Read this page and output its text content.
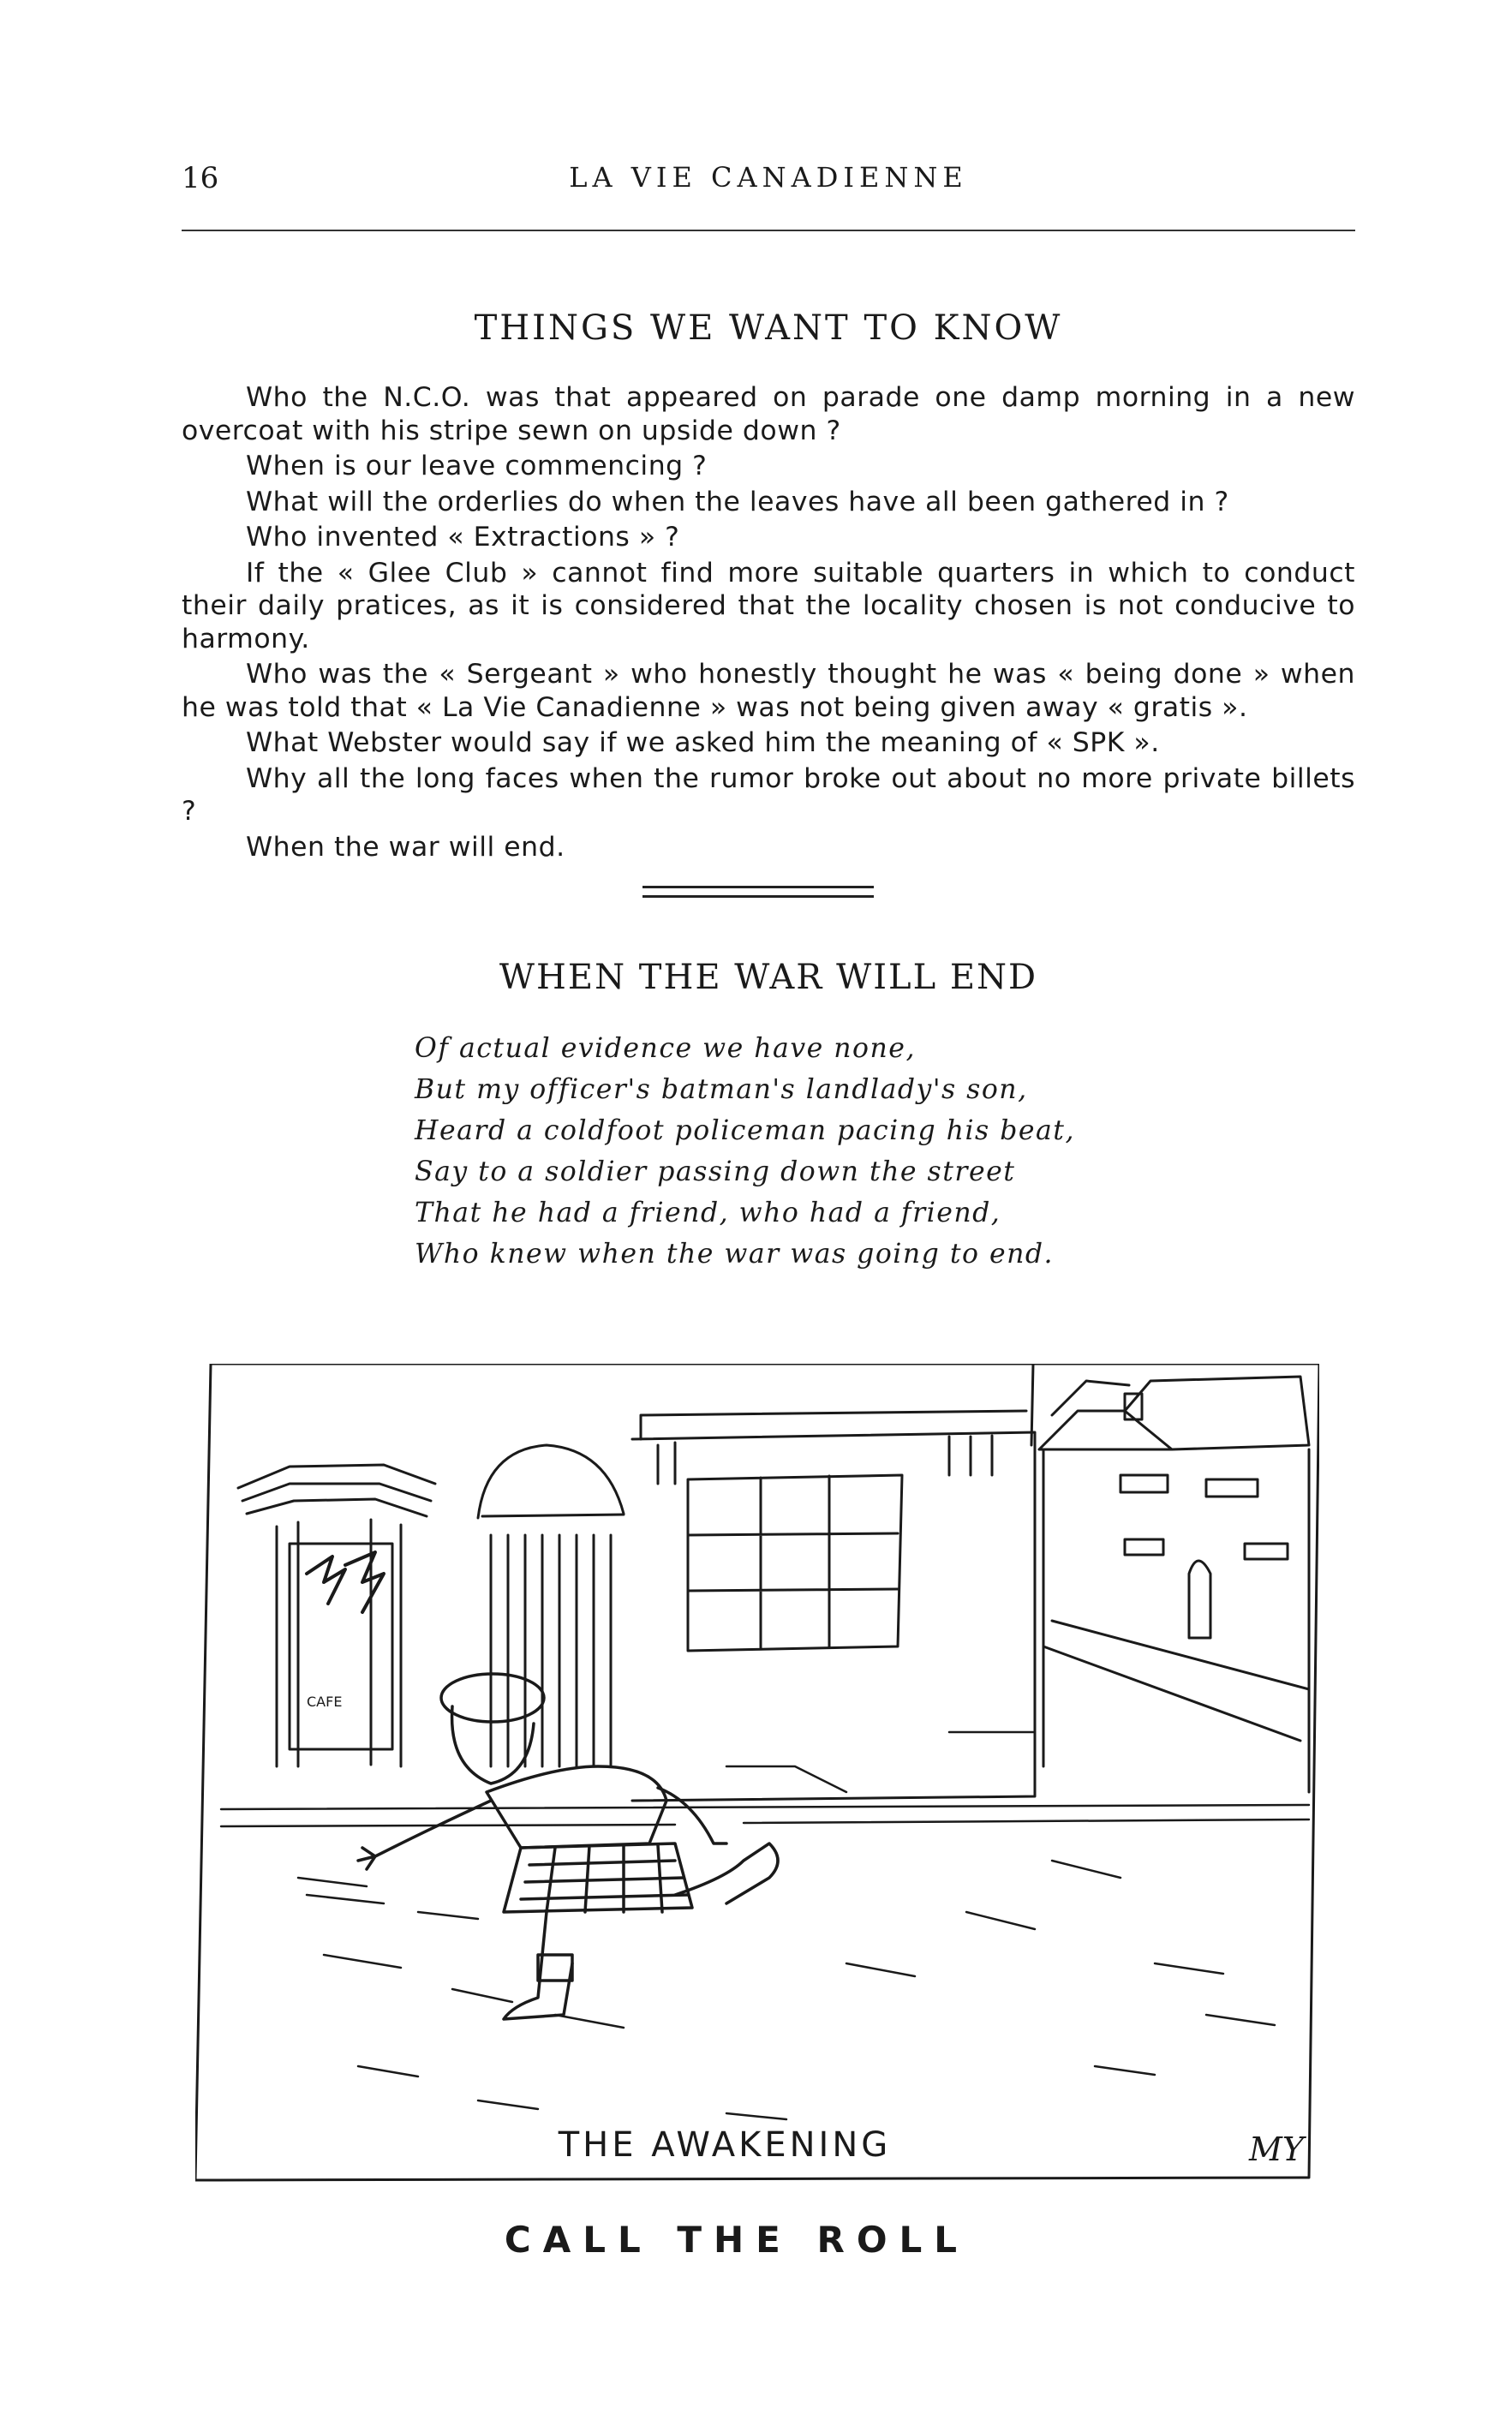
16	LA VIE CANADIENNE
THINGS WE WANT TO KNOW

Who the N.C.O. was that appeared on parade one damp morning in a new overcoat with his stripe sewn on upside down ?

When is our leave commencing ?

What will the orderlies do when the leaves have all been gathered in ?

Who invented « Extractions » ?

If the « Glee Club » cannot find more suitable quarters in which to conduct their daily pratices, as it is considered that the locality chosen is not conducive to harmony.

Who was the « Sergeant » who honestly thought he was « being done » when he was told that « La Vie Canadienne » was not being given away « gratis ».

What Webster would say if we asked him the meaning of « SPK ».

Why all the long faces when the rumor broke out about no more private billets ?

When the war will end.

WHEN THE WAR WILL END
Of actual evidence we have none,
But my officer's batman's landlady's son,
Heard a coldfoot policeman pacing his beat,
Say to a soldier passing down the street
That he had a friend, who had a friend,
Who knew when the war was going to end.
CAFE
THE AWAKENING	MY
CALL THE ROLL
